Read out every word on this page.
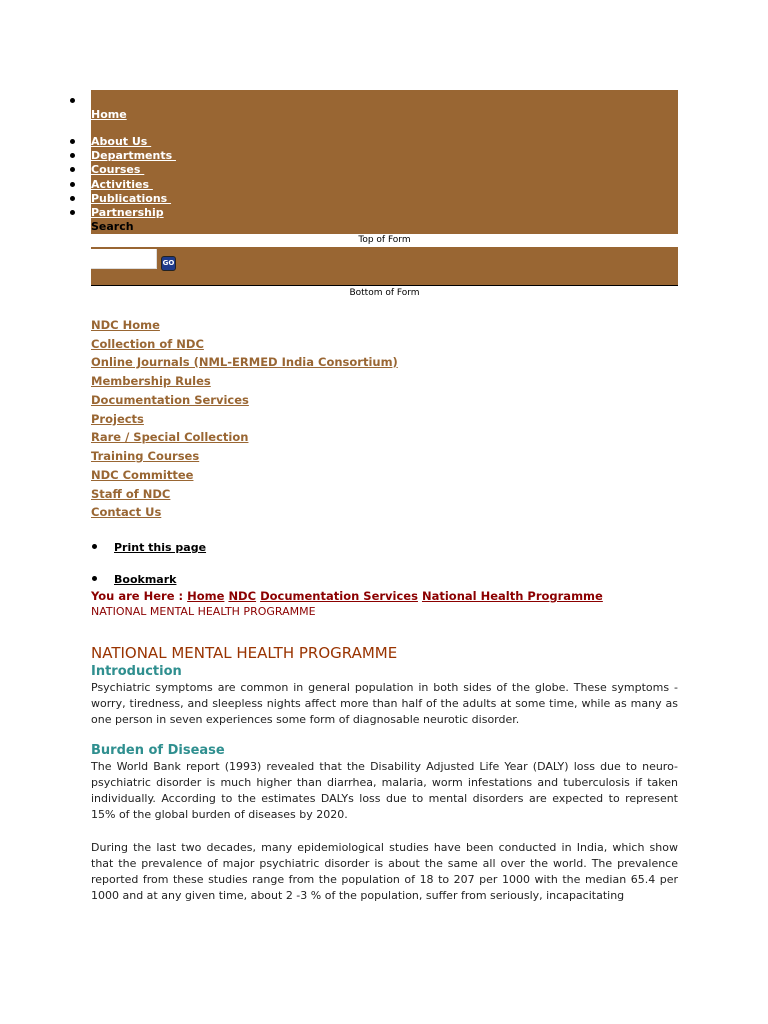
Home
About Us
Departments
Courses
Activities
Publications
Partnership
Search
Top of Form
GO
Bottom of Form
NDC Home
Collection of NDC
Online Journals (NML-ERMED India Consortium)
Membership Rules
Documentation Services
Projects
Rare / Special Collection
Training Courses
NDC Committee
Staff of NDC
Contact Us
Print this page
Bookmark
You are Here : Home NDC Documentation Services National Health Programme
NATIONAL MENTAL HEALTH PROGRAMME
NATIONAL MENTAL HEALTH PROGRAMME
Introduction

Psychiatric symptoms are common in general population in both sides of the globe. These symptoms - worry, tiredness, and sleepless nights affect more than half of the adults at some time, while as many as one person in seven experiences some form of diagnosable neurotic disorder.

Burden of Disease

The World Bank report (1993) revealed that the Disability Adjusted Life Year (DALY) loss due to neuro-psychiatric disorder is much higher than diarrhea, malaria, worm infestations and tuberculosis if taken individually. According to the estimates DALYs loss due to mental disorders are expected to represent 15% of the global burden of diseases by 2020.

During the last two decades, many epidemiological studies have been conducted in India, which show that the prevalence of major psychiatric disorder is about the same all over the world. The prevalence reported from these studies range from the population of 18 to 207 per 1000 with the median 65.4 per 1000 and at any given time, about 2 -3 % of the population, suffer from seriously, incapacitating
